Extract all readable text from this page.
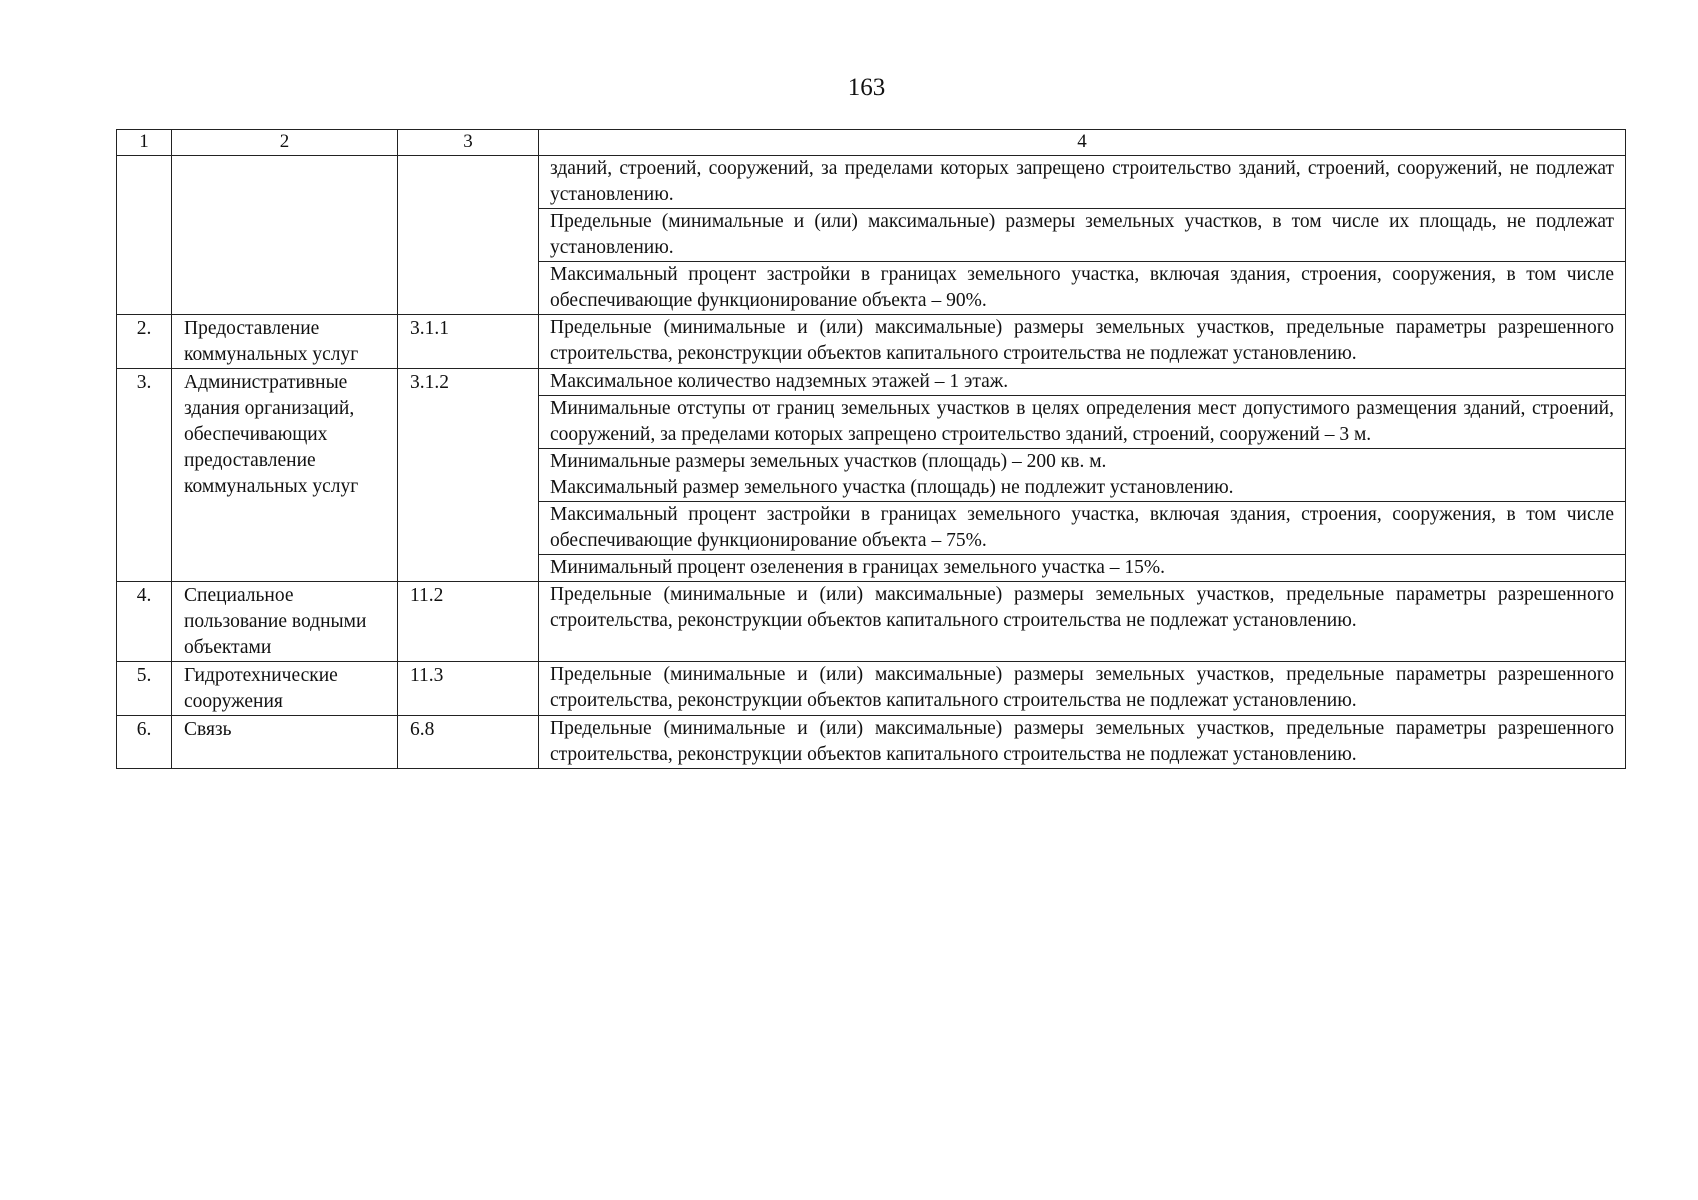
163
1	2	3	4

			зданий, строений, сооружений, за пределами которых запрещено строительство зданий, строений, сооружений, не подлежат установлению.

			Предельные (минимальные и (или) максимальные) размеры земельных участков, в том числе их площадь, не подлежат установлению.

			Максимальный процент застройки в границах земельного участка, включая здания, строения, сооружения, в том числе обеспечивающие функционирование объекта – 90%.

2.	Предоставление коммунальных услуг	3.1.1	Предельные (минимальные и (или) максимальные) размеры земельных участков, предельные параметры разрешенного строительства, реконструкции объектов капитального строительства не подлежат установлению.

3.	Административные здания организаций, обеспечивающих предоставление коммунальных услуг	3.1.2	Максимальное количество надземных этажей – 1 этаж.

			Минимальные отступы от границ земельных участков в целях определения мест допустимого размещения зданий, строений, сооружений, за пределами которых запрещено строительство зданий, строений, сооружений – 3 м.

			Минимальные размеры земельных участков (площадь) – 200 кв. м.
Максимальный размер земельного участка (площадь) не подлежит установлению.

			Максимальный процент застройки в границах земельного участка, включая здания, строения, сооружения, в том числе обеспечивающие функционирование объекта – 75%.

			Минимальный процент озеленения в границах земельного участка – 15%.

4.	Специальное пользование водными объектами	11.2	Предельные (минимальные и (или) максимальные) размеры земельных участков, предельные параметры разрешенного строительства, реконструкции объектов капитального строительства не подлежат установлению.

5.	Гидротехнические сооружения	11.3	Предельные (минимальные и (или) максимальные) размеры земельных участков, предельные параметры разрешенного строительства, реконструкции объектов капитального строительства не подлежат установлению.

6.	Связь	6.8	Предельные (минимальные и (или) максимальные) размеры земельных участков, предельные параметры разрешенного строительства, реконструкции объектов капитального строительства не подлежат установлению.
